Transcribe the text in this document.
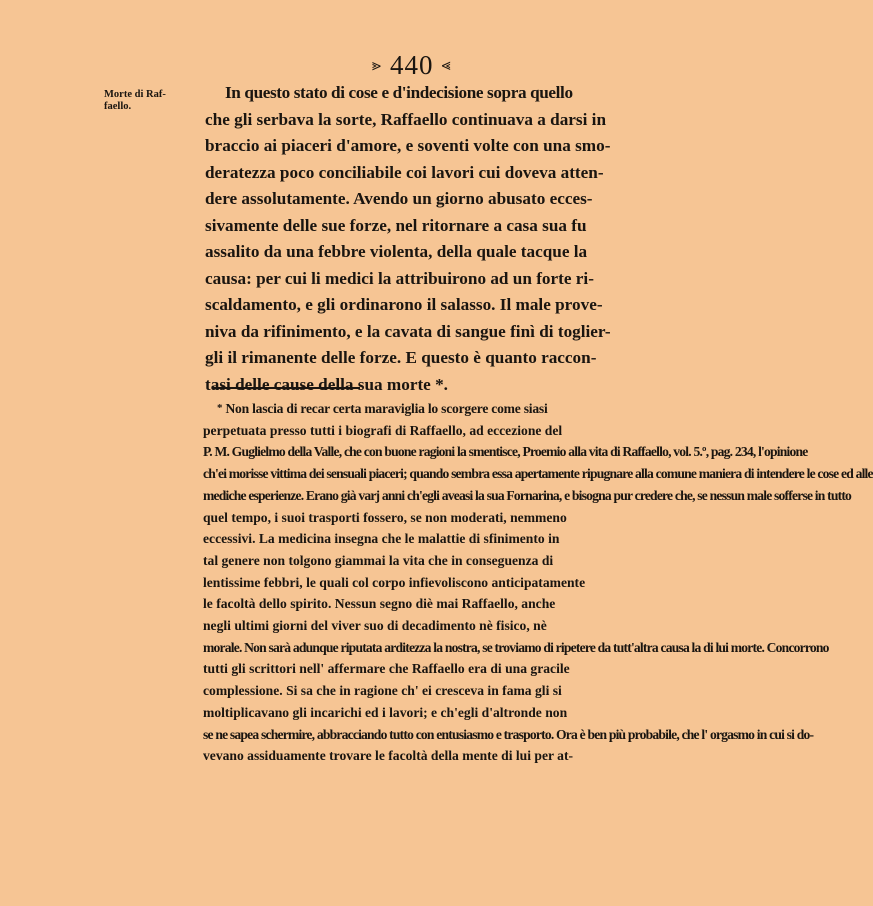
⪢ 440 ⪡
Morte di Raf-
faello.
In questo stato di cose e d'indecisione sopra quello
che gli serbava la sorte, Raffaello continuava a darsi in
braccio ai piaceri d'amore, e soventi volte con una smo-
deratezza poco conciliabile coi lavori cui doveva atten-
dere assolutamente. Avendo un giorno abusato ecces-
sivamente delle sue forze, nel ritornare a casa sua fu
assalito da una febbre violenta, della quale tacque la
causa: per cui li medici la attribuirono ad un forte ri-
scaldamento, e gli ordinarono il salasso. Il male prove-
niva da rifinimento, e la cavata di sangue finì di toglier-
gli il rimanente delle forze. E questo è quanto raccon-
tasi delle cause della sua morte *.
* Non lascia di recar certa maraviglia lo scorgere come siasi
perpetuata presso tutti i biografi di Raffaello, ad eccezione del
P. M. Guglielmo della Valle, che con buone ragioni la smentisce, Proemio alla vita di Raffaello, vol. 5.º, pag. 234, l'opinione
ch'ei morisse vittima dei sensuali piaceri; quando sembra essa apertamente ripugnare alla comune maniera di intendere le cose ed alle
mediche esperienze. Erano già varj anni ch'egli aveasi la sua Fornarina, e bisogna pur credere che, se nessun male sofferse in tutto
quel tempo, i suoi trasporti fossero, se non moderati, nemmeno
eccessivi. La medicina insegna che le malattie di sfinimento in
tal genere non tolgono giammai la vita che in conseguenza di
lentissime febbri, le quali col corpo infievoliscono anticipatamente
le facoltà dello spirito. Nessun segno diè mai Raffaello, anche
negli ultimi giorni del viver suo di decadimento nè fisico, nè
morale. Non sarà adunque riputata arditezza la nostra, se troviamo di ripetere da tutt'altra causa la di lui morte. Concorrono
tutti gli scrittori nell' affermare che Raffaello era di una gracile
complessione. Si sa che in ragione ch' ei cresceva in fama gli si
moltiplicavano gli incarichi ed i lavori; e ch'egli d'altronde non
se ne sapea schermire, abbracciando tutto con entusiasmo e trasporto. Ora è ben più probabile, che l' orgasmo in cui si do-
vevano assiduamente trovare le facoltà della mente di lui per at-
